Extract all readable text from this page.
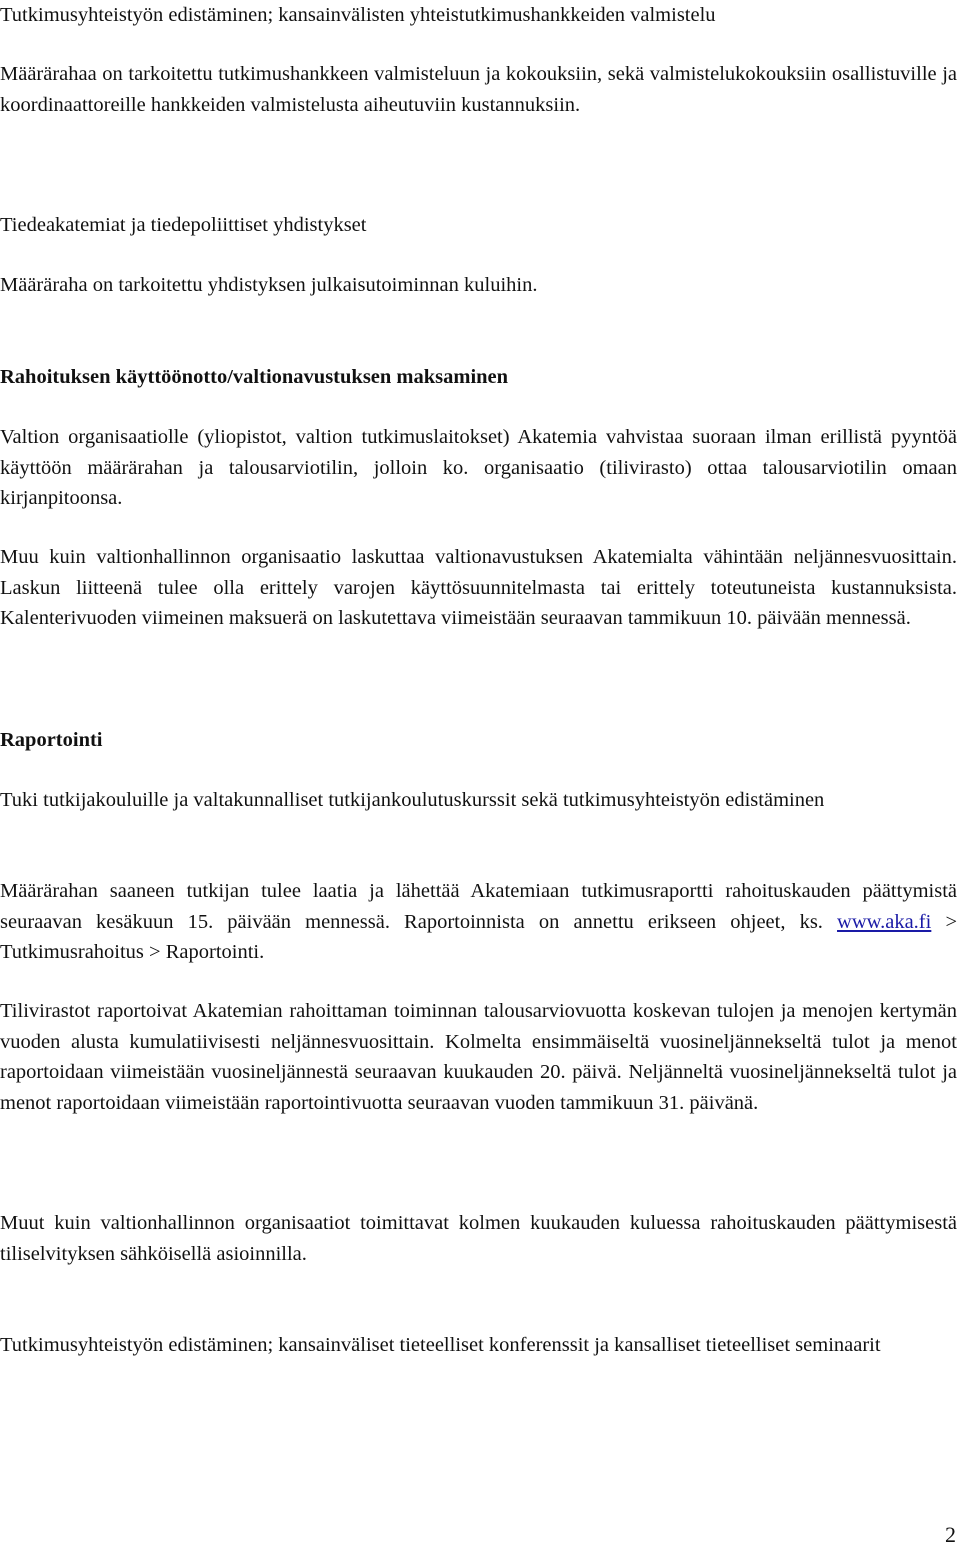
Tutkimusyhteistyön edistäminen; kansainvälisten yhteistutkimushankkeiden valmistelu

Määrärahaa on tarkoitettu tutkimushankkeen valmisteluun ja kokouksiin, sekä valmistelukokouksiin osallistuville ja koordinaattoreille hankkeiden valmistelusta aiheutuviin kustannuksiin.

Tiedeakatemiat ja tiedepoliittiset yhdistykset

Määräraha on tarkoitettu yhdistyksen julkaisutoiminnan kuluihin.

Rahoituksen käyttöönotto/valtionavustuksen maksaminen

Valtion organisaatiolle (yliopistot, valtion tutkimuslaitokset) Akatemia vahvistaa suoraan ilman erillistä pyyntöä käyttöön määrärahan ja talousarviotilin, jolloin ko. organisaatio (tilivirasto) ottaa talousarviotilin omaan kirjanpitoonsa.

Muu kuin valtionhallinnon organisaatio laskuttaa valtionavustuksen Akatemialta vähintään neljännesvuosittain. Laskun liitteenä tulee olla erittely varojen käyttösuunnitelmasta tai erittely toteutuneista kustannuksista. Kalenterivuoden viimeinen maksuerä on laskutettava viimeistään seuraavan tammikuun 10. päivään mennessä.

Raportointi

Tuki tutkijakouluille ja valtakunnalliset tutkijankoulutuskurssit sekä tutkimusyhteistyön edistäminen

Määrärahan saaneen tutkijan tulee laatia ja lähettää Akatemiaan tutkimusraportti rahoituskauden päättymistä seuraavan kesäkuun 15. päivään mennessä. Raportoinnista on annettu erikseen ohjeet, ks. www.aka.fi > Tutkimusrahoitus > Raportointi.

Tilivirastot raportoivat Akatemian rahoittaman toiminnan talousarviovuotta koskevan tulojen ja menojen kertymän vuoden alusta kumulatiivisesti neljännesvuosittain. Kolmelta ensimmäiseltä vuosineljännekseltä tulot ja menot raportoidaan viimeistään vuosineljännestä seuraavan kuukauden 20. päivä. Neljänneltä vuosineljännekseltä tulot ja menot raportoidaan viimeistään raportointivuotta seuraavan vuoden tammikuun 31. päivänä.

Muut kuin valtionhallinnon organisaatiot toimittavat kolmen kuukauden kuluessa rahoituskauden päättymisestä tiliselvityksen sähköisellä asioinnilla.

Tutkimusyhteistyön edistäminen; kansainväliset tieteelliset konferenssit ja kansalliset tieteelliset seminaarit

2
